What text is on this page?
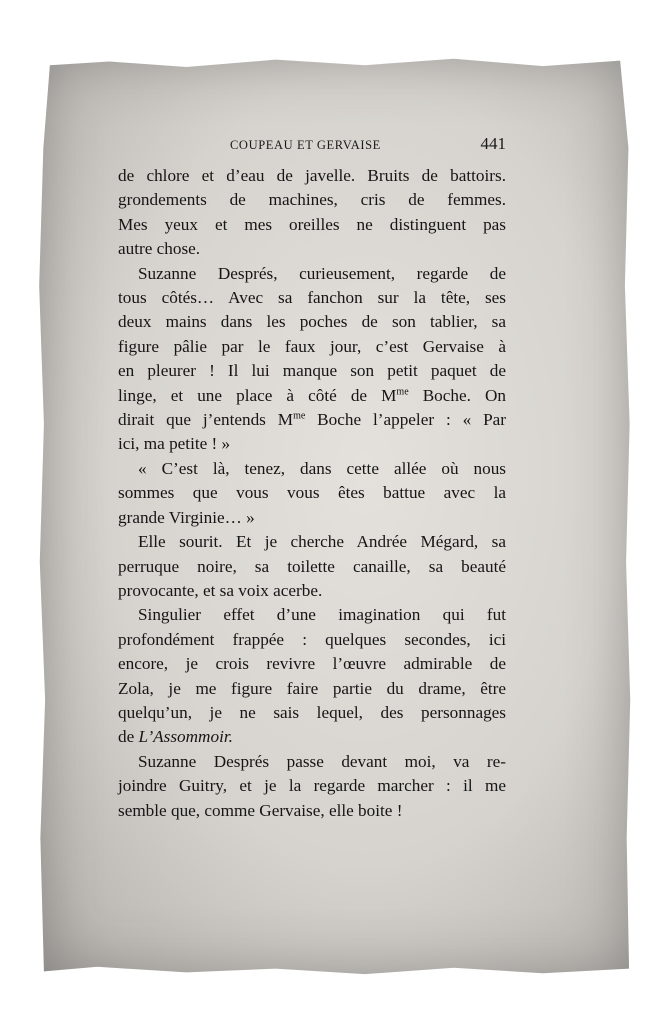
COUPEAU ET GERVAISE	441

de chlore et d’eau de javelle. Bruits de battoirs.
grondements de machines, cris de femmes.
Mes yeux et mes oreilles ne distinguent pas
autre chose.

Suzanne Després, curieusement, regarde de
tous côtés… Avec sa fanchon sur la tête, ses
deux mains dans les poches de son tablier, sa
figure pâlie par le faux jour, c’est Gervaise à
en pleurer ! Il lui manque son petit paquet de
linge, et une place à côté de $M^{me}$ Boche. On
dirait que j’entends $M^{me}$ Boche l’appeler : « Par
ici, ma petite ! »

« C’est là, tenez, dans cette allée où nous
sommes que vous vous êtes battue avec la
grande Virginie… »

Elle sourit. Et je cherche Andrée Mégard, sa
perruque noire, sa toilette canaille, sa beauté
provocante, et sa voix acerbe.

Singulier effet d’une imagination qui fut
profondément frappée : quelques secondes, ici
encore, je crois revivre l’œuvre admirable de
Zola, je me figure faire partie du drame, être
quelqu’un, je ne sais lequel, des personnages
de L’Assommoir.

Suzanne Després passe devant moi, va re-
joindre Guitry, et je la regarde marcher : il me
semble que, comme Gervaise, elle boite !
